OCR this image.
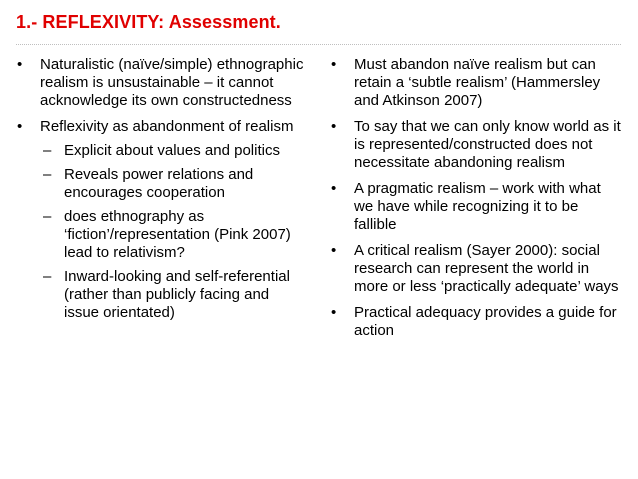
1.- REFLEXIVITY: Assessment.
• Naturalistic (naïve/simple) ethnographic realism is unsustainable – it cannot acknowledge its own constructedness
• Reflexivity as abandonment of realism
– Explicit about values and politics
– Reveals power relations and encourages cooperation
– does ethnography as ‘fiction’/representation (Pink 2007) lead to relativism?
– Inward-looking and self-referential (rather than publicly facing and issue orientated)
• Must abandon naïve realism but can retain a ‘subtle realism’ (Hammersley and Atkinson 2007)
• To say that we can only know world as it is represented/constructed does not necessitate abandoning realism
• A pragmatic realism – work with what we have while recognizing it to be fallible
• A critical realism (Sayer 2000): social research can represent the world in more or less ‘practically adequate’ ways
• Practical adequacy provides a guide for action
